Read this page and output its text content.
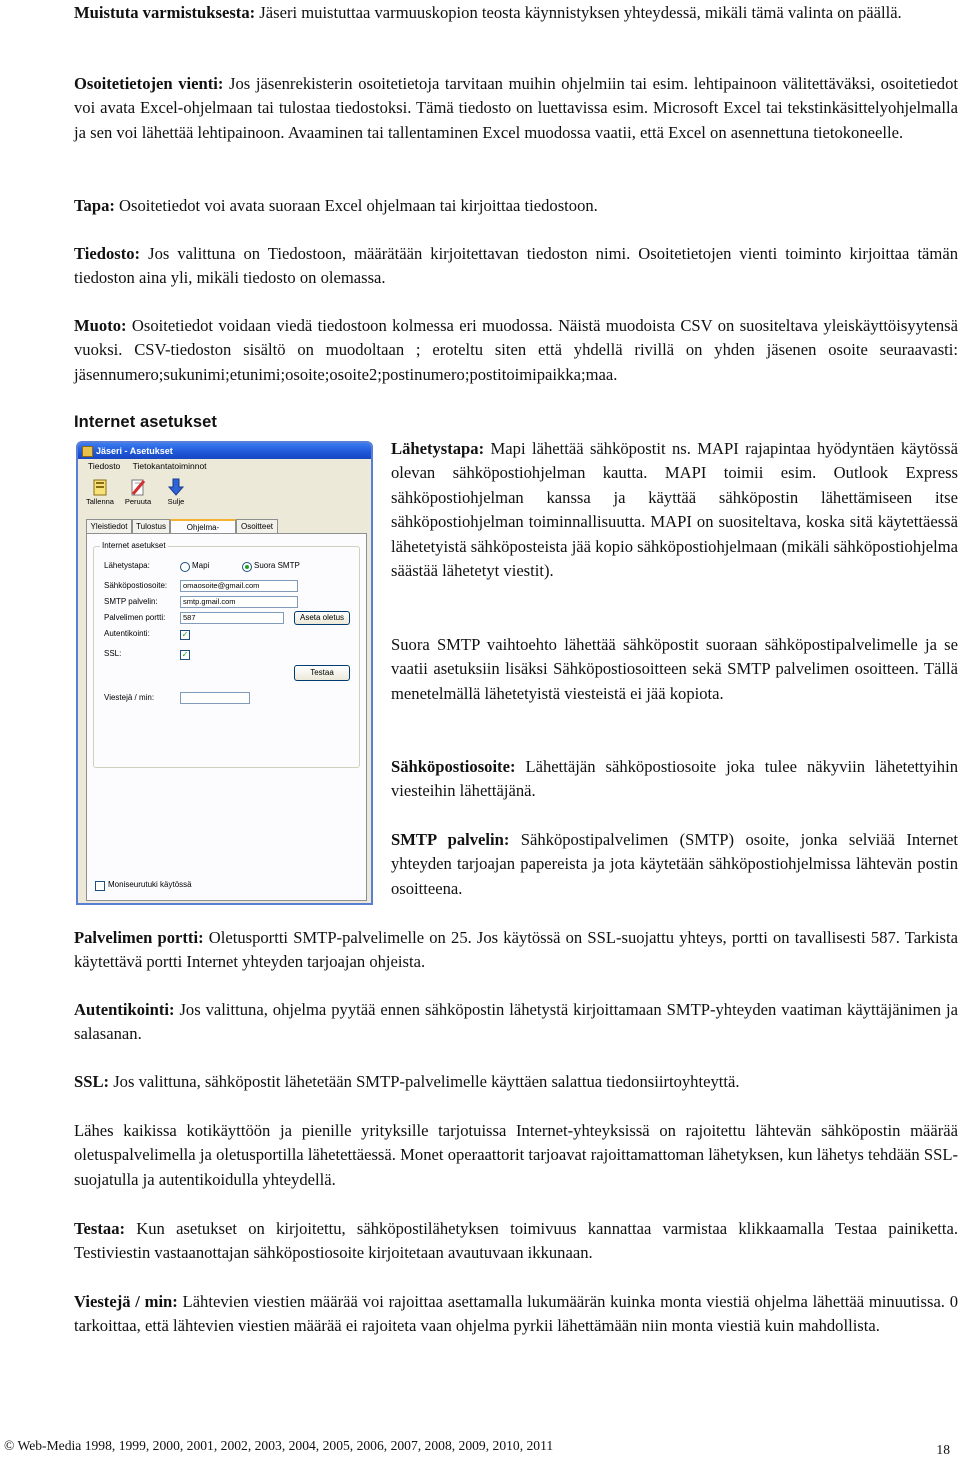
Muistuta varmistuksesta: Jäseri muistuttaa varmuuskopion teosta käynnistyksen yhteydessä, mikäli tämä valinta on päällä.

Osoitetietojen vienti: Jos jäsenrekisterin osoitetietoja tarvitaan muihin ohjelmiin tai esim. lehtipainoon välitettäväksi, osoitetiedot voi avata Excel-ohjelmaan tai tulostaa tiedostoksi. Tämä tiedosto on luettavissa esim. Microsoft Excel tai tekstinkäsittelyohjelmalla ja sen voi lähettää lehtipainoon. Avaaminen tai tallentaminen Excel muodossa vaatii, että Excel on asennettuna tietokoneelle.

Tapa: Osoitetiedot voi avata suoraan Excel ohjelmaan tai kirjoittaa tiedostoon.

Tiedosto: Jos valittuna on Tiedostoon, määrätään kirjoitettavan tiedoston nimi. Osoitetietojen vienti toiminto kirjoittaa tämän tiedoston aina yli, mikäli tiedosto on olemassa.

Muoto: Osoitetiedot voidaan viedä tiedostoon kolmessa eri muodossa. Näistä muodoista CSV on suositeltava yleiskäyttöisyytensä vuoksi. CSV-tiedoston sisältö on muodoltaan ; eroteltu siten että yhdellä rivillä on yhden jäsenen osoite seuraavasti: jäsennumero;sukunimi;etunimi;osoite;osoite2;postinumero;postitoimipaikka;maa.

Internet asetukset
Jäseri - Asetukset
Tiedosto Tietokantatoiminnot
Tallenna	Peruuta	Sulje
Yleistiedot	Tulostus	Ohjelma-	Osoitteet
Internet asetukset
Lähetystapa:	Mapi	Suora SMTP
Sähköpostiosoite:	omaosoite@gmail.com
SMTP palvelin:	smtp.gmail.com
Palvelimen portti:	587	Aseta oletus
Autentikointi:	✓
SSL:	✓
Testaa
Viestejä / min:
Moniseurutuki käytössä

Lähetystapa: Mapi lähettää sähköpostit ns. MAPI rajapintaa hyödyntäen käytössä olevan sähköpostiohjelman kautta. MAPI toimii esim. Outlook Express sähköpostiohjelman kanssa ja käyttää sähköpostin lähettämiseen itse sähköpostiohjelman toiminnallisuutta. MAPI on suositeltava, koska sitä käytettäessä lähetetyistä sähköposteista jää kopio sähköpostiohjelmaan (mikäli sähköpostiohjelma säästää lähetetyt viestit).

Suora SMTP vaihtoehto lähettää sähköpostit suoraan sähköpostipalvelimelle ja se vaatii asetuksiin lisäksi Sähköpostiosoitteen sekä SMTP palvelimen osoitteen. Tällä menetelmällä lähetetyistä viesteistä ei jää kopiota.

Sähköpostiosoite: Lähettäjän sähköpostiosoite joka tulee näkyviin lähetettyihin viesteihin lähettäjänä.

SMTP palvelin: Sähköpostipalvelimen (SMTP) osoite, jonka selviää Internet yhteyden tarjoajan papereista ja jota käytetään sähköpostiohjelmissa lähtevän postin osoitteena.

Palvelimen portti: Oletusportti SMTP-palvelimelle on 25. Jos käytössä on SSL-suojattu yhteys, portti on tavallisesti 587. Tarkista käytettävä portti Internet yhteyden tarjoajan ohjeista.

Autentikointi: Jos valittuna, ohjelma pyytää ennen sähköpostin lähetystä kirjoittamaan SMTP-yhteyden vaatiman käyttäjänimen ja salasanan.

SSL: Jos valittuna, sähköpostit lähetetään SMTP-palvelimelle käyttäen salattua tiedonsiirtoyhteyttä.

Lähes kaikissa kotikäyttöön ja pienille yrityksille tarjotuissa Internet-yhteyksissä on rajoitettu lähtevän sähköpostin määrää oletuspalvelimella ja oletusportilla lähetettäessä. Monet operaattorit tarjoavat rajoittamattoman lähetyksen, kun lähetys tehdään SSL-suojatulla ja autentikoidulla yhteydellä.

Testaa: Kun asetukset on kirjoitettu, sähköpostilähetyksen toimivuus kannattaa varmistaa klikkaamalla Testaa painiketta. Testiviestin vastaanottajan sähköpostiosoite kirjoitetaan avautuvaan ikkunaan.

Viestejä / min: Lähtevien viestien määrää voi rajoittaa asettamalla lukumäärän kuinka monta viestiä ohjelma lähettää minuutissa. 0 tarkoittaa, että lähtevien viestien määrää ei rajoiteta vaan ohjelma pyrkii lähettämään niin monta viestiä kuin mahdollista.

© Web-Media 1998, 1999, 2000, 2001, 2002, 2003, 2004, 2005, 2006, 2007, 2008, 2009, 2010, 2011	18
